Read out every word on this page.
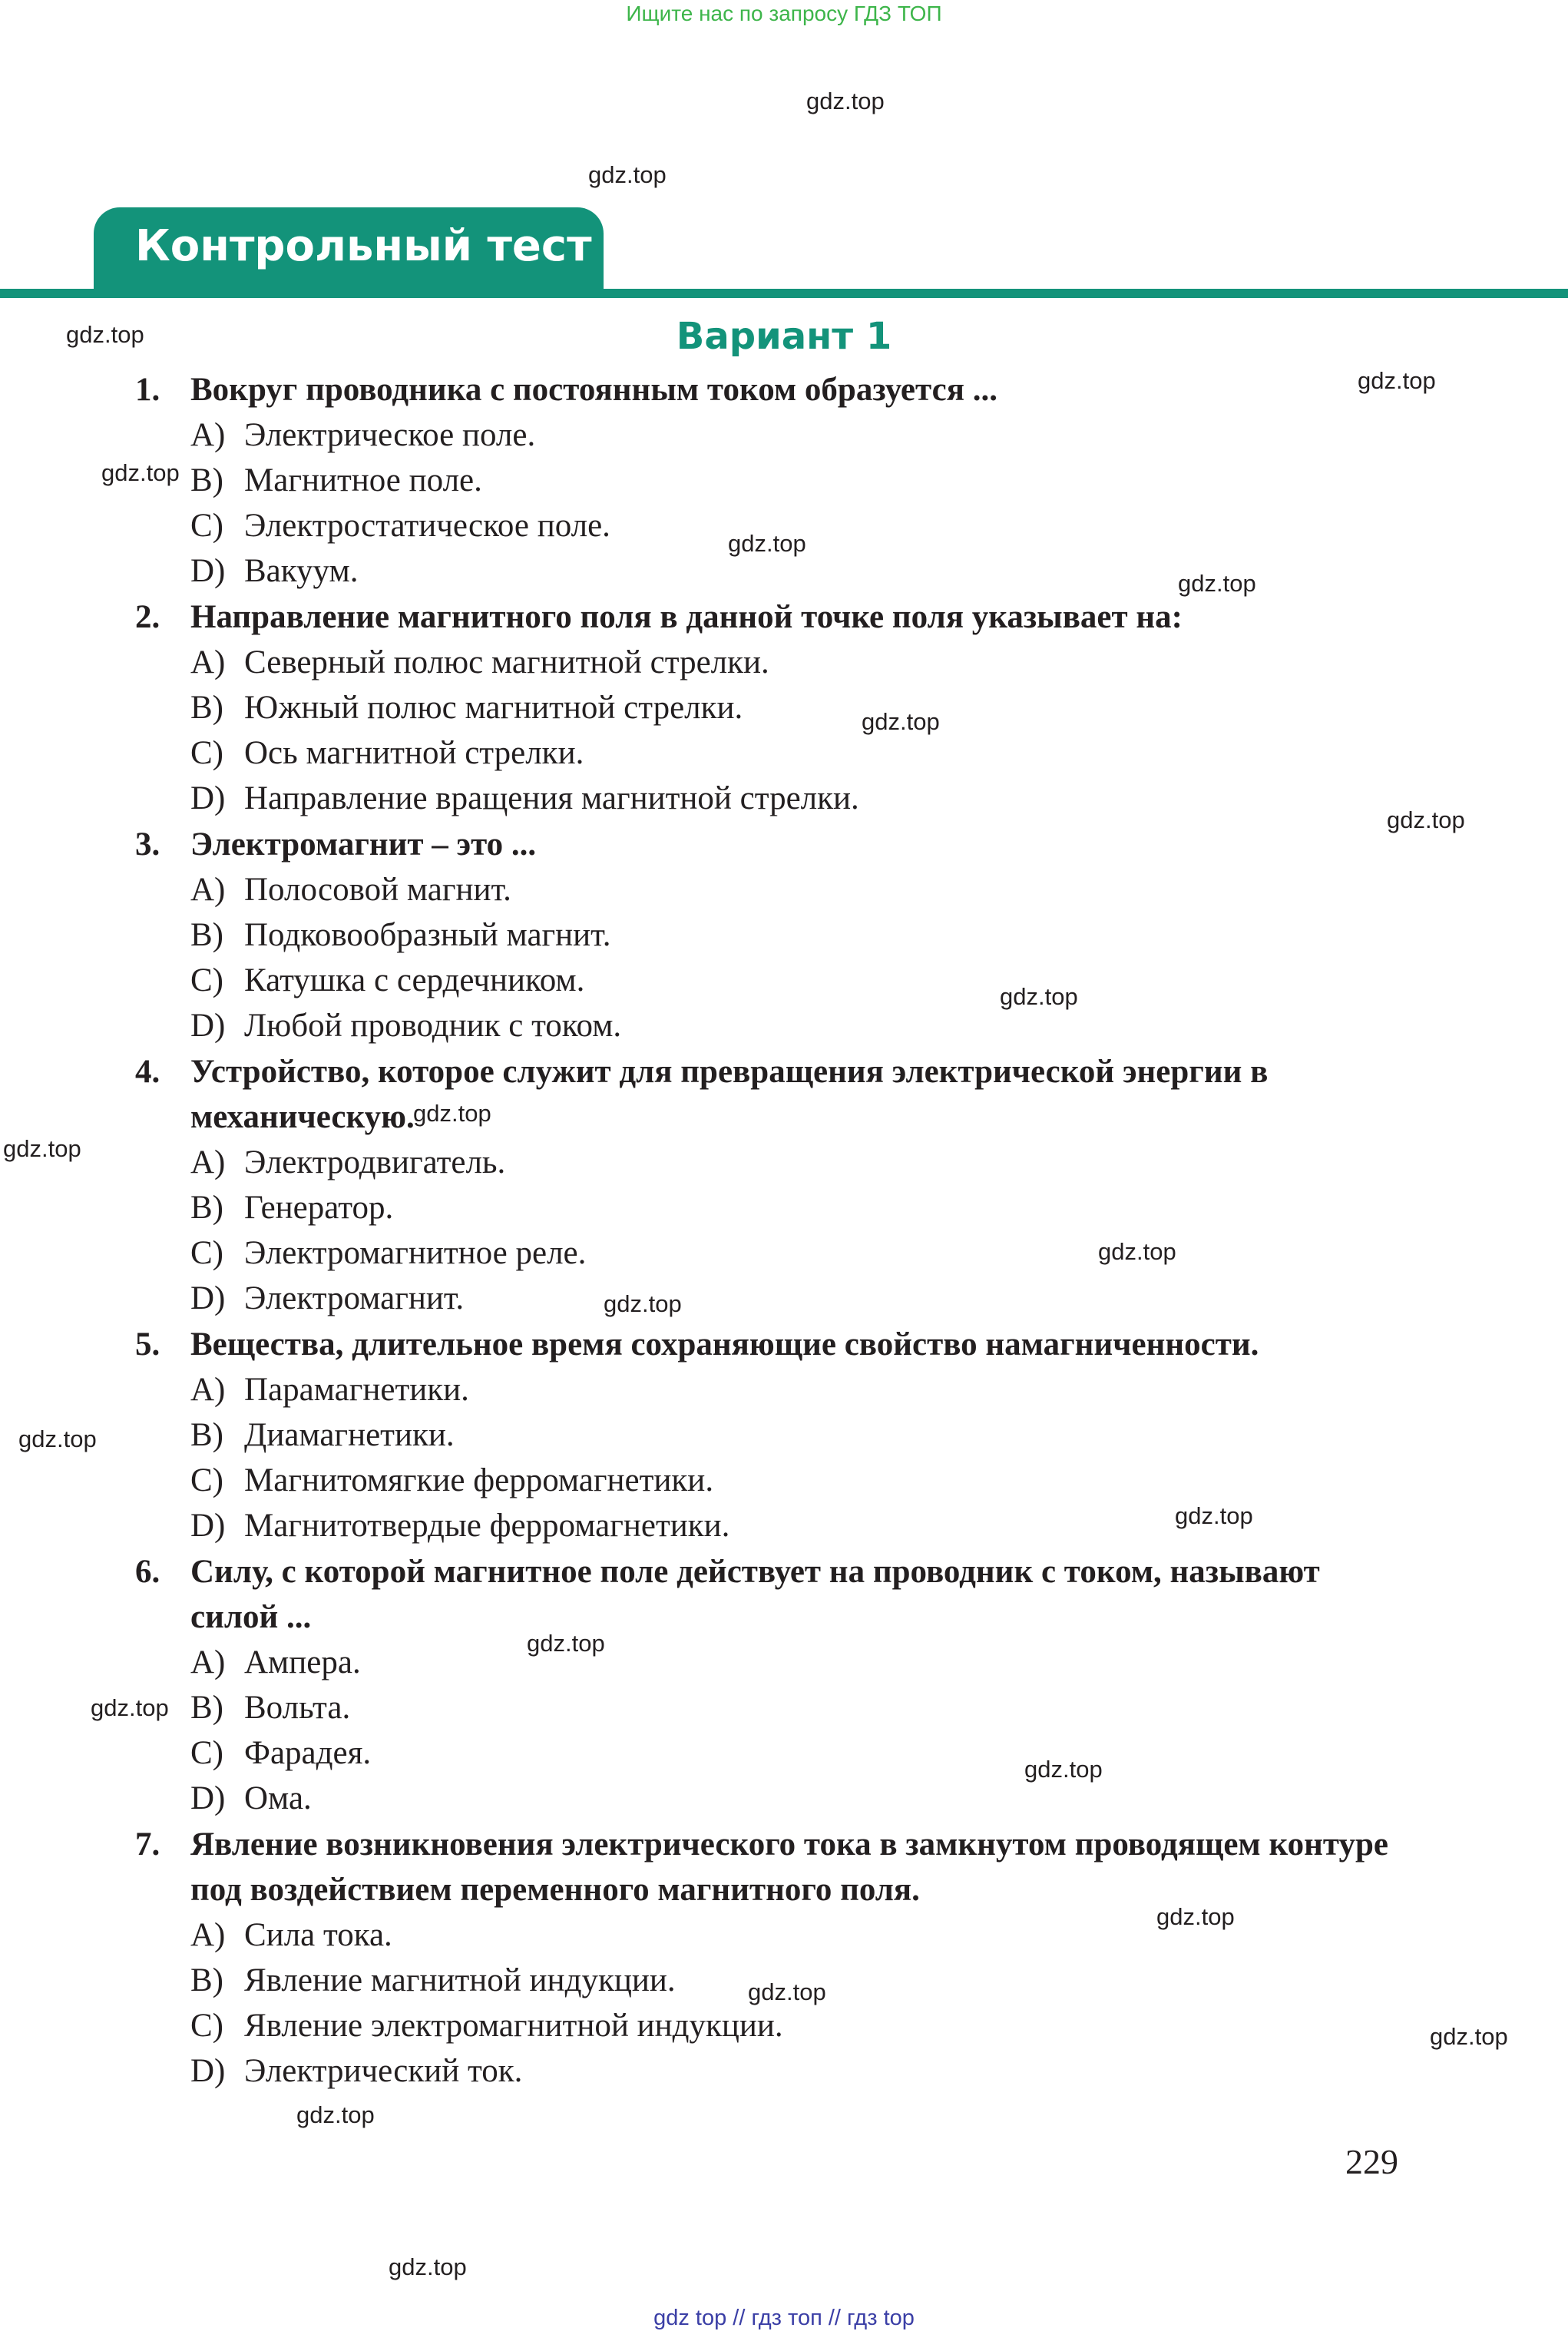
Ищите нас по запросу ГДЗ ТОП
Контрольный тест
Вариант 1
1. Вокруг проводника с постоянным током образуется ...
A) Электрическое поле.
B) Магнитное поле.
C) Электростатическое поле.
D) Вакуум.
2. Направление магнитного поля в данной точке поля указывает на:
A) Северный полюс магнитной стрелки.
B) Южный полюс магнитной стрелки.
C) Ось магнитной стрелки.
D) Направление вращения магнитной стрелки.
3. Электромагнит – это ...
A) Полосовой магнит.
B) Подковообразный магнит.
C) Катушка с сердечником.
D) Любой проводник с током.
4. Устройство, которое служит для превращения электрической энергии в механическую.
A) Электродвигатель.
B) Генератор.
C) Электромагнитное реле.
D) Электромагнит.
5. Вещества, длительное время сохраняющие свойство намагниченности.
A) Парамагнетики.
B) Диамагнетики.
C) Магнитомягкие ферромагнетики.
D) Магнитотвердые ферромагнетики.
6. Силу, с которой магнитное поле действует на проводник с током, называют силой ...
A) Ампера.
B) Вольта.
C) Фарадея.
D) Ома.
7. Явление возникновения электрического тока в замкнутом проводящем контуре под воздействием переменного магнитного поля.
A) Сила тока.
B) Явление магнитной индукции.
C) Явление электромагнитной индукции.
D) Электрический ток.
229
gdz.top
gdz.top
gdz.top
gdz.top
gdz.top
gdz.top
gdz.top
gdz.top
gdz.top
gdz.top
gdz.top
gdz.top
gdz.top
gdz.top
gdz.top
gdz.top
gdz.top
gdz.top
gdz.top
gdz.top
gdz.top
gdz.top
gdz.top
gdz.top
gdz top // гдз топ // гдз top
